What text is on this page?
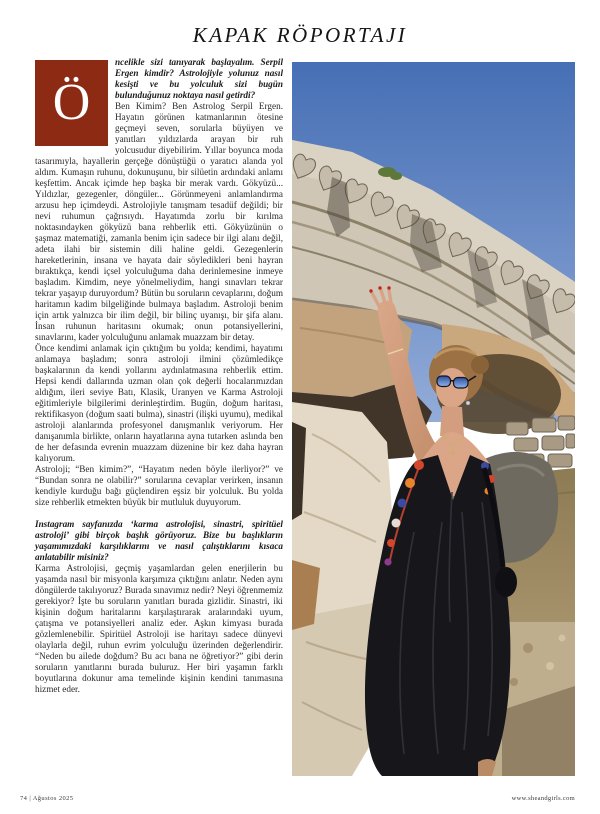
KAPAK RÖPORTAJI
Ö

ncelikle sizi tanıyarak başlayalım. Serpil Ergen kimdir? Astrolojiyle yolunuz nasıl kesişti ve bu yolculuk sizi bugün bulunduğunuz noktaya nasıl getirdi?

Ben Kimim? Ben Astrolog Serpil Ergen. Hayatın görünen katmanlarının ötesine geçmeyi seven, sorularla büyüyen ve yanıtları yıldızlarda arayan bir ruh yolcusudur diyebilirim. Yıllar boyunca moda tasarımıyla, hayallerin gerçeğe dönüştüğü o yaratıcı alanda yol aldım. Kumaşın ruhunu, dokunuşunu, bir silüetin ardındaki anlamı keşfettim. Ancak içimde hep başka bir merak vardı. Gökyüzü... Yıldızlar, gezegenler, döngüler... Görünmeyeni anlamlandırma arzusu hep içimdeydi. Astrolojiyle tanışmam tesadüf değildi; bir nevi ruhumun çağrısıydı. Hayatımda zorlu bir kırılma noktasındayken gökyüzü bana rehberlik etti. Gökyüzünün o şaşmaz matematiği, zamanla benim için sadece bir ilgi alanı değil, adeta ilahi bir sistemin dili haline geldi. Gezegenlerin hareketlerinin, insana ve hayata dair söyledikleri beni hayran bıraktıkça, kendi içsel yolculuğuma daha derinlemesine inmeye başladım. Kimdim, neye yönelmeliydim, hangi sınavları tekrar tekrar yaşayıp duruyordum? Bütün bu soruların cevaplarını, doğum haritamın kadim bilgeliğinde bulmaya başladım. Astroloji benim için artık yalnızca bir ilim değil, bir bilinç uyanışı, bir şifa alanı. İnsan ruhunun haritasını okumak; onun potansiyellerini, sınavlarını, kader yolculuğunu anlamak muazzam bir detay.

Önce kendimi anlamak için çıktığım bu yolda; kendimi, hayatımı anlamaya başladım; sonra astroloji ilmini çözümledikçe başkalarının da kendi yollarını aydınlatmasına rehberlik ettim. Hepsi kendi dallarında uzman olan çok değerli hocalarımızdan aldığım, ileri seviye Batı, Klasik, Uranyen ve Karma Astroloji eğitimleriyle bilgilerimi derinleştirdim. Bugün, doğum haritası, rektifikasyon (doğum saati bulma), sinastri (ilişki uyumu), medikal astroloji alanlarında profesyonel danışmanlık veriyorum. Her danışanımla birlikte, onların hayatlarına ayna tutarken aslında ben de her defasında evrenin muazzam düzenine bir kez daha hayran kalıyorum.

Astroloji; “Ben kimim?”, “Hayatım neden böyle ilerliyor?” ve “Bundan sonra ne olabilir?” sorularına cevaplar verirken, insanın kendiyle kurduğu bağı güçlendiren eşsiz bir yolculuk. Bu yolda size rehberlik etmekten büyük bir mutluluk duyuyorum.

Instagram sayfanızda ‘karma astrolojisi, sinastri, spiritüel astroloji’ gibi birçok başlık görüyoruz. Bize bu başlıkların yaşamımızdaki karşılıklarını ve nasıl çalıştıklarını kısaca anlatabilir misiniz?

Karma Astrolojisi, geçmiş yaşamlardan gelen enerjilerin bu yaşamda nasıl bir misyonla karşımıza çıktığını anlatır. Neden aynı döngülerde takılıyoruz? Burada sınavımız nedir? Neyi öğrenmemiz gerekiyor? İşte bu soruların yanıtları burada gizlidir. Sinastri, iki kişinin doğum haritalarını karşılaştırarak aralarındaki uyum, çatışma ve potansiyelleri analiz eder. Aşkın kimyası burada gözlemlenebilir. Spiritüel Astroloji ise haritayı sadece dünyevi olaylarla değil, ruhun evrim yolculuğu üzerinden değerlendirir. “Neden bu ailede doğdum? Bu acı bana ne öğretiyor?” gibi derin soruların yanıtlarını burada buluruz. Her biri yaşamın farklı boyutlarına dokunur ama temelinde kişinin kendini tanımasına hizmet eder.

74 | Ağustos 2025	www.sheandgirls.com
